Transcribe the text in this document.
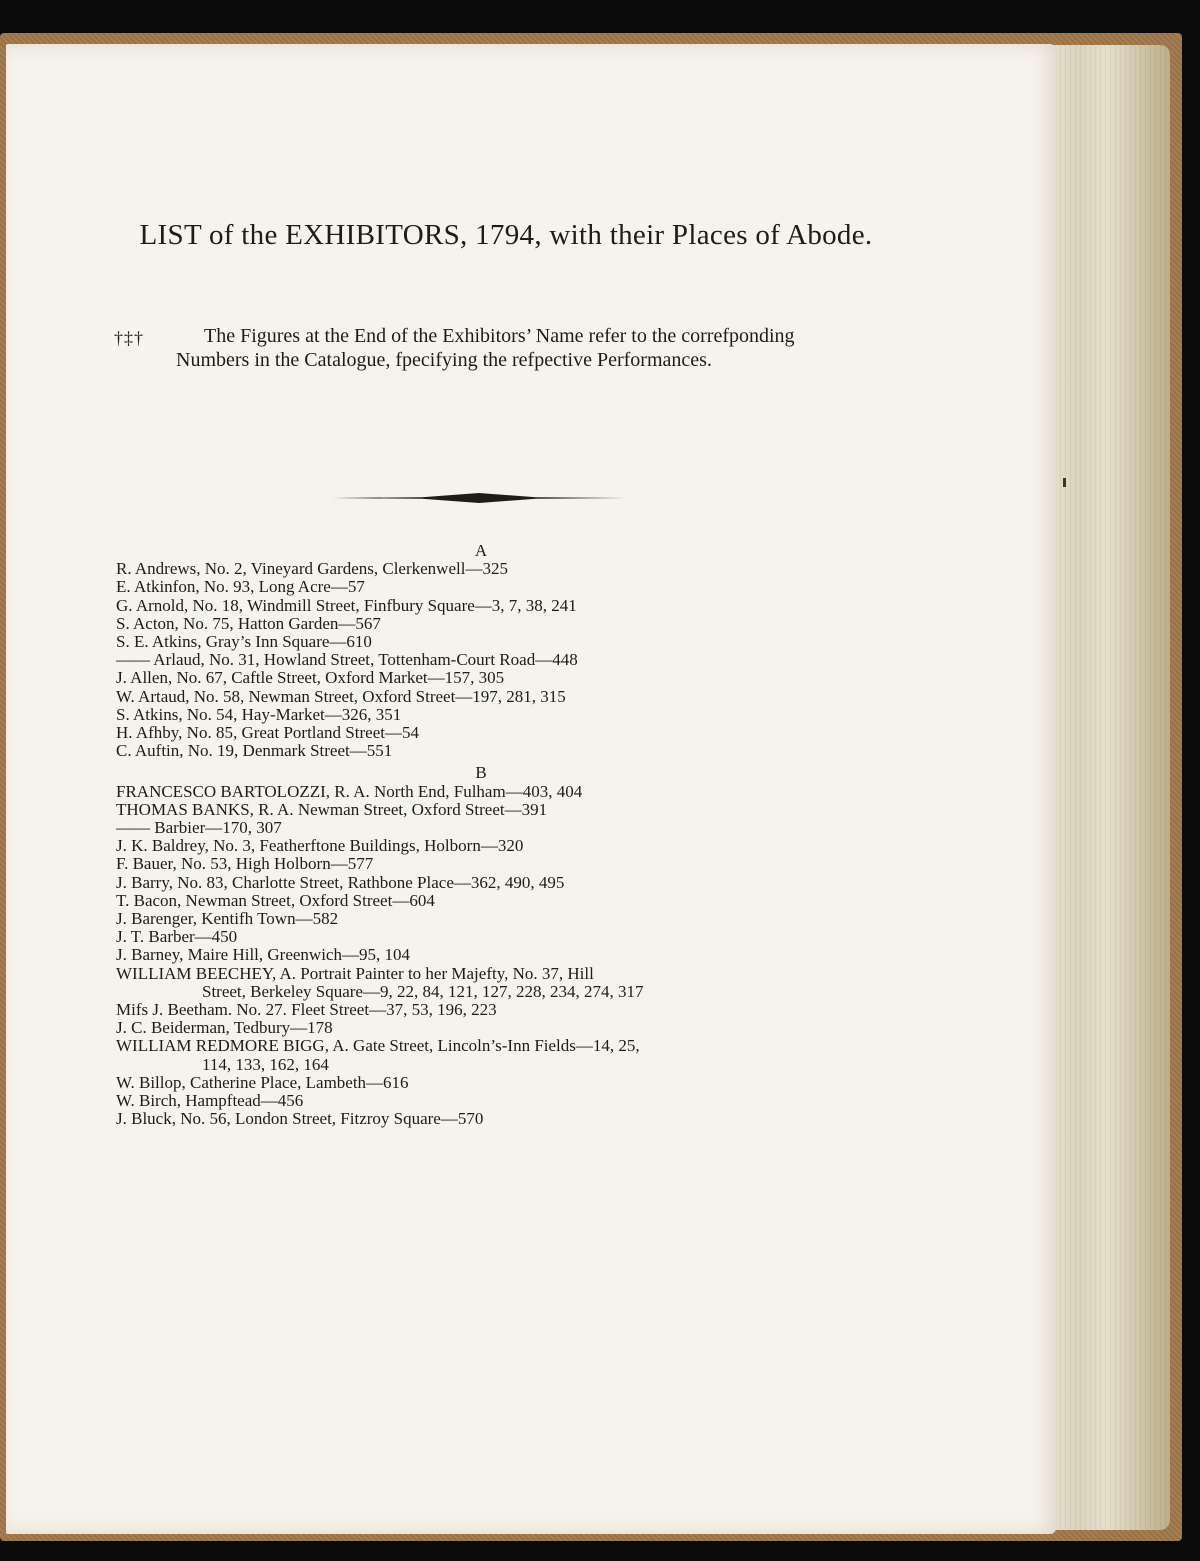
LIST of the EXHIBITORS, 1794, with their Places of Abode.
†‡†	The Figures at the End of the Exhibitors’ Name refer to the correfponding Numbers in the Catalogue, fpecifying the refpective Performances.
A
R. Andrews, No. 2, Vineyard Gardens, Clerkenwell—325
E. Atkinfon, No. 93, Long Acre—57
G. Arnold, No. 18, Windmill Street, Finfbury Square—3, 7, 38, 241
S. Acton, No. 75, Hatton Garden—567
S. E. Atkins, Gray’s Inn Square—610
—— Arlaud, No. 31, Howland Street, Tottenham-Court Road—448
J. Allen, No. 67, Caftle Street, Oxford Market—157, 305
W. Artaud, No. 58, Newman Street, Oxford Street—197, 281, 315
S. Atkins, No. 54, Hay-Market—326, 351
H. Afhby, No. 85, Great Portland Street—54
C. Auftin, No. 19, Denmark Street—551
B
FRANCESCO BARTOLOZZI, R. A. North End, Fulham—403, 404
THOMAS BANKS, R. A. Newman Street, Oxford Street—391
—— Barbier—170, 307
J. K. Baldrey, No. 3, Featherftone Buildings, Holborn—320
F. Bauer, No. 53, High Holborn—577
J. Barry, No. 83, Charlotte Street, Rathbone Place—362, 490, 495
T. Bacon, Newman Street, Oxford Street—604
J. Barenger, Kentifh Town—582
J. T. Barber—450
J. Barney, Maire Hill, Greenwich—95, 104
WILLIAM BEECHEY, A. Portrait Painter to her Majefty, No. 37, Hill
Street, Berkeley Square—9, 22, 84, 121, 127, 228, 234, 274, 317
Mifs J. Beetham. No. 27. Fleet Street—37, 53, 196, 223
J. C. Beiderman, Tedbury—178
WILLIAM REDMORE BIGG, A. Gate Street, Lincoln’s-Inn Fields—14, 25,
114, 133, 162, 164
W. Billop, Catherine Place, Lambeth—616
W. Birch, Hampftead—456
J. Bluck, No. 56, London Street, Fitzroy Square—570
